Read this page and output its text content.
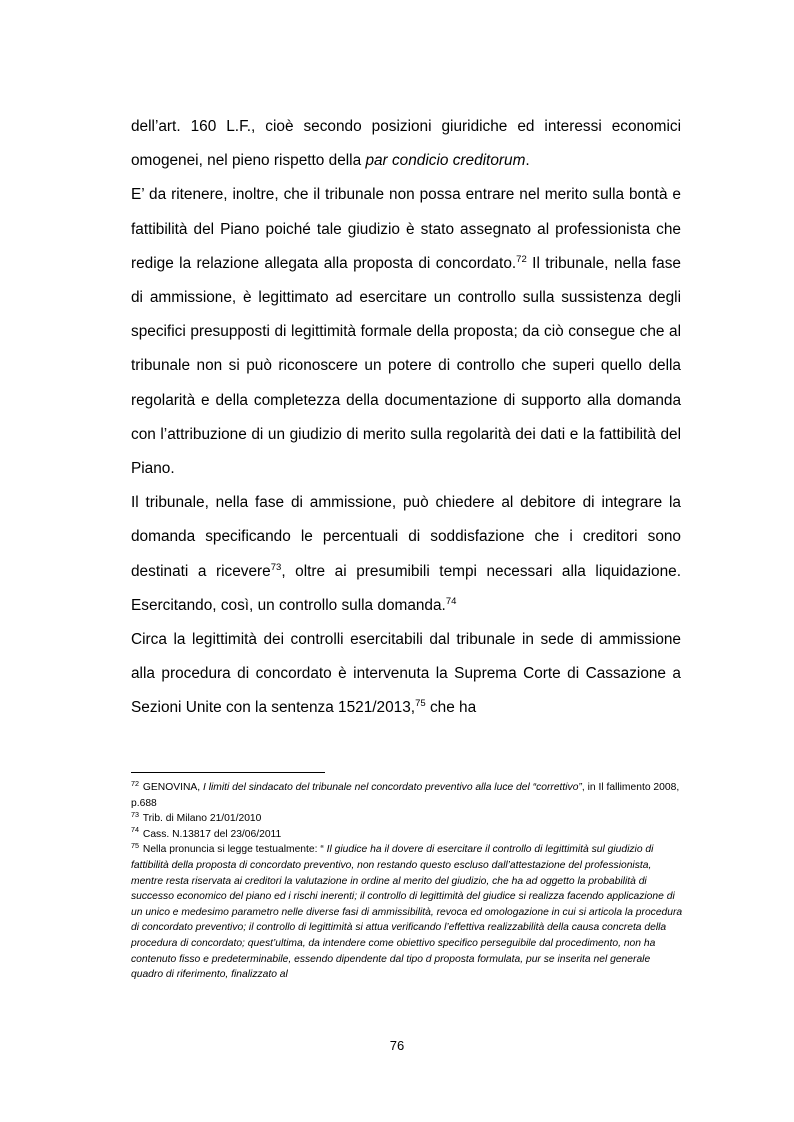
dell’art. 160 L.F., cioè secondo posizioni giuridiche ed interessi economici omogenei, nel pieno rispetto della par condicio creditorum.

E’ da ritenere, inoltre, che il tribunale non possa entrare nel merito sulla bontà e fattibilità del Piano poiché tale giudizio è stato assegnato al professionista che redige la relazione allegata alla proposta di concordato.$^{72}$ Il tribunale, nella fase di ammissione, è legittimato ad esercitare un controllo sulla sussistenza degli specifici presupposti di legittimità formale della proposta; da ciò consegue che al tribunale non si può riconoscere un potere di controllo che superi quello della regolarità e della completezza della documentazione di supporto alla domanda con l’attribuzione di un giudizio di merito sulla regolarità dei dati e la fattibilità del Piano.

Il tribunale, nella fase di ammissione, può chiedere al debitore di integrare la domanda specificando le percentuali di soddisfazione che i creditori sono destinati a ricevere$^{73}$, oltre ai presumibili tempi necessari alla liquidazione. Esercitando, così, un controllo sulla domanda.$^{74}$

Circa la legittimità dei controlli esercitabili dal tribunale in sede di ammissione alla procedura di concordato è intervenuta la Suprema Corte di Cassazione a Sezioni Unite con la sentenza 1521/2013,75 che ha

$^{72}$ GENOVINA, I limiti del sindacato del tribunale nel concordato preventivo alla luce del “correttivo”, in Il fallimento 2008, p.688

$^{73}$ Trib. di Milano 21/01/2010

$^{74}$ Cass. N.13817 del 23/06/2011

$^{75}$ Nella pronuncia si legge testualmente: “ Il giudice ha il dovere di esercitare il controllo di legittimità sul giudizio di fattibilità della proposta di concordato preventivo, non restando questo escluso dall’attestazione del professionista, mentre resta riservata ai creditori la valutazione in ordine al merito del giudizio, che ha ad oggetto la probabilità di successo economico del piano ed i rischi inerenti; il controllo di legittimità del giudice si realizza facendo applicazione di un unico e medesimo parametro nelle diverse fasi di ammissibilità, revoca ed omologazione in cui si articola la procedura di concordato preventivo; il controllo di legittimità si attua verificando l’effettiva realizzabilità della causa concreta della procedura di concordato; quest’ultima, da intendere come obiettivo specifico perseguibile dal procedimento, non ha contenuto fisso e predeterminabile, essendo dipendente dal tipo d proposta formulata, pur se inserita nel generale quadro di riferimento, finalizzato al

76
